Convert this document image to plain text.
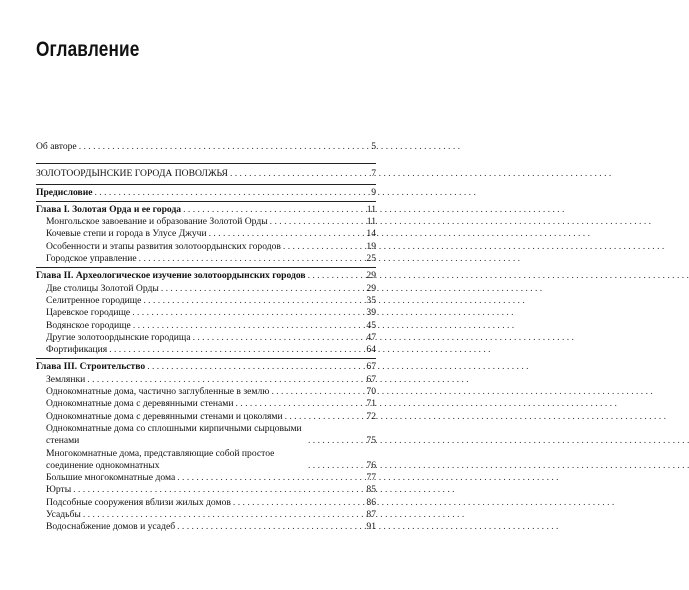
Оглавление
Об авторе . . .	5
ЗОЛОТООРДЫНСКИЕ ГОРОДА ПОВОЛЖЬЯ . . .	7
Предисловие . . .	9
Глава I. Золотая Орда и ее города . . .	11
Монгольское завоевание и образование Золотой Орды . . .	11
Кочевые степи и города в Улусе Джучи . . .	14
Особенности и этапы развития золотоордынских городов . . .	19
Городское управление . . .	25
Глава II. Археологическое изучение золотоордынских городов . . .	29
Две столицы Золотой Орды . . .	29
Селитренное городище . . .	35
Царевское городище . . .	39
Водянское городище . . .	45
Другие золотоордынские городища . . .	47
Фортификация . . .	64
Глава III. Строительство . . .	67
Землянки . . .	67
Однокомнатные дома, частично заглубленные в землю . . .	70
Однокомнатные дома с деревянными стенами . . .	71
Однокомнатные дома с деревянными стенами и цоколями . . .	72
Однокомнатные дома со сплошными кирпичными сырцовыми стенами . . .	75
Многокомнатные дома, представляющие собой простое соединение однокомнатных . . .	76
Большие многокомнатные дома . . .	77
Юрты . . .	85
Подсобные сооружения вблизи жилых домов . . .	86
Усадьбы . . .	87
Водоснабжение домов и усадеб . . .	91
